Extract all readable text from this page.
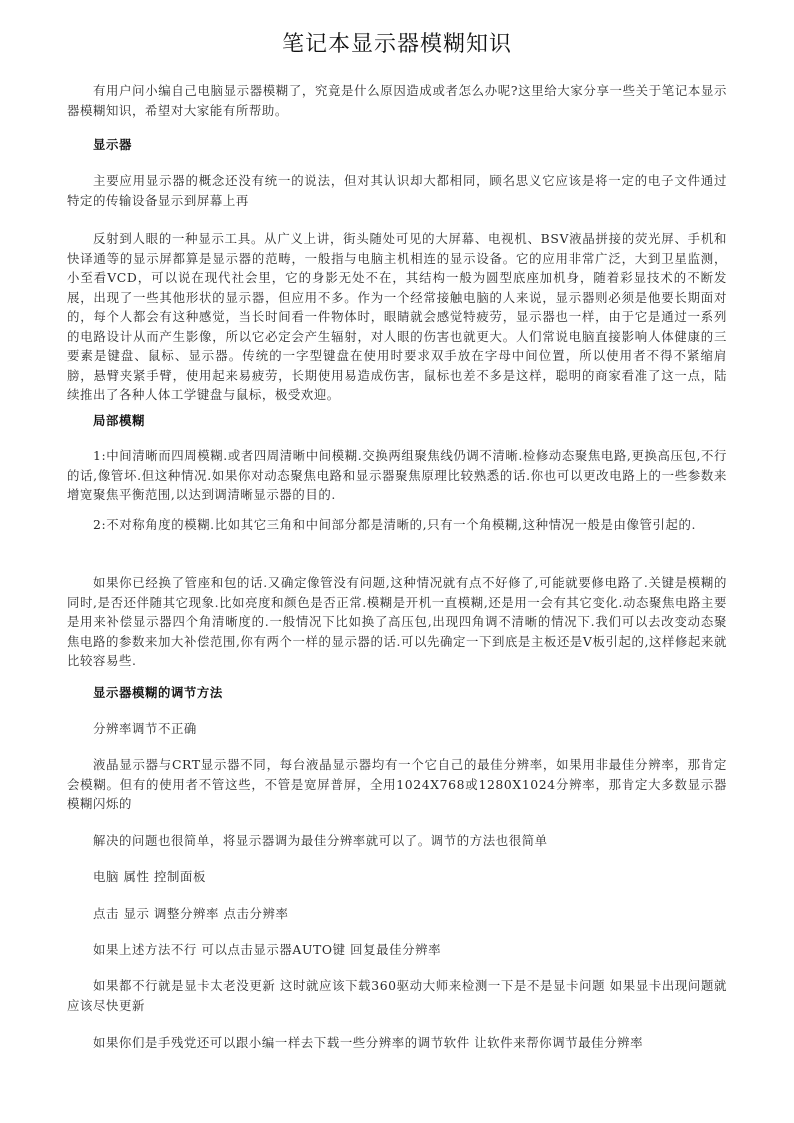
笔记本显示器模糊知识

有用户问小编自己电脑显示器模糊了，究竟是什么原因造成或者怎么办呢?这里给大家分享一些关于笔记本显示器模糊知识，希望对大家能有所帮助。

显示器

主要应用显示器的概念还没有统一的说法，但对其认识却大都相同，顾名思义它应该是将一定的电子文件通过特定的传输设备显示到屏幕上再

反射到人眼的一种显示工具。从广义上讲，街头随处可见的大屏幕、电视机、BSV液晶拼接的荧光屏、手机和快译通等的显示屏都算是显示器的范畴，一般指与电脑主机相连的显示设备。它的应用非常广泛，大到卫星监测，小至看VCD，可以说在现代社会里，它的身影无处不在，其结构一般为圆型底座加机身，随着彩显技术的不断发展，出现了一些其他形状的显示器，但应用不多。作为一个经常接触电脑的人来说，显示器则必须是他要长期面对的，每个人都会有这种感觉，当长时间看一件物体时，眼睛就会感觉特疲劳，显示器也一样，由于它是通过一系列的电路设计从而产生影像，所以它必定会产生辐射，对人眼的伤害也就更大。人们常说电脑直接影响人体健康的三要素是键盘、鼠标、显示器。传统的一字型键盘在使用时要求双手放在字母中间位置，所以使用者不得不紧缩肩膀，悬臂夹紧手臂，使用起来易疲劳，长期使用易造成伤害，鼠标也差不多是这样，聪明的商家看准了这一点，陆续推出了各种人体工学键盘与鼠标，极受欢迎。

局部模糊

1:中间清晰而四周模糊.或者四周清晰中间模糊.交换两组聚焦线仍调不清晰.检修动态聚焦电路,更换高压包,不行的话,像管坏.但这种情况.如果你对动态聚焦电路和显示器聚焦原理比较熟悉的话.你也可以更改电路上的一些参数来增宽聚焦平衡范围,以达到调清晰显示器的目的.

2:不对称角度的模糊.比如其它三角和中间部分都是清晰的,只有一个角模糊,这种情况一般是由像管引起的.

如果你已经换了管座和包的话.又确定像管没有问题,这种情况就有点不好修了,可能就要修电路了.关键是模糊的同时,是否还伴随其它现象.比如亮度和颜色是否正常.模糊是开机一直模糊,还是用一会有其它变化.动态聚焦电路主要是用来补偿显示器四个角清晰度的.一般情况下比如换了高压包,出现四角调不清晰的情况下.我们可以去改变动态聚焦电路的参数来加大补偿范围,你有两个一样的显示器的话.可以先确定一下到底是主板还是V板引起的,这样修起来就比较容易些.

显示器模糊的调节方法

分辨率调节不正确

液晶显示器与CRT显示器不同，每台液晶显示器均有一个它自己的最佳分辨率，如果用非最佳分辨率，那肯定会模糊。但有的使用者不管这些，不管是宽屏普屏，全用1024X768或1280X1024分辨率，那肯定大多数显示器模糊闪烁的

解决的问题也很简单，将显示器调为最佳分辨率就可以了。调节的方法也很简单

电脑 属性 控制面板

点击 显示 调整分辨率 点击分辨率

如果上述方法不行 可以点击显示器AUTO键 回复最佳分辨率

如果都不行就是显卡太老没更新 这时就应该下载360驱动大师来检测一下是不是显卡问题 如果显卡出现问题就应该尽快更新

如果你们是手残党还可以跟小编一样去下载一些分辨率的调节软件 让软件来帮你调节最佳分辨率
